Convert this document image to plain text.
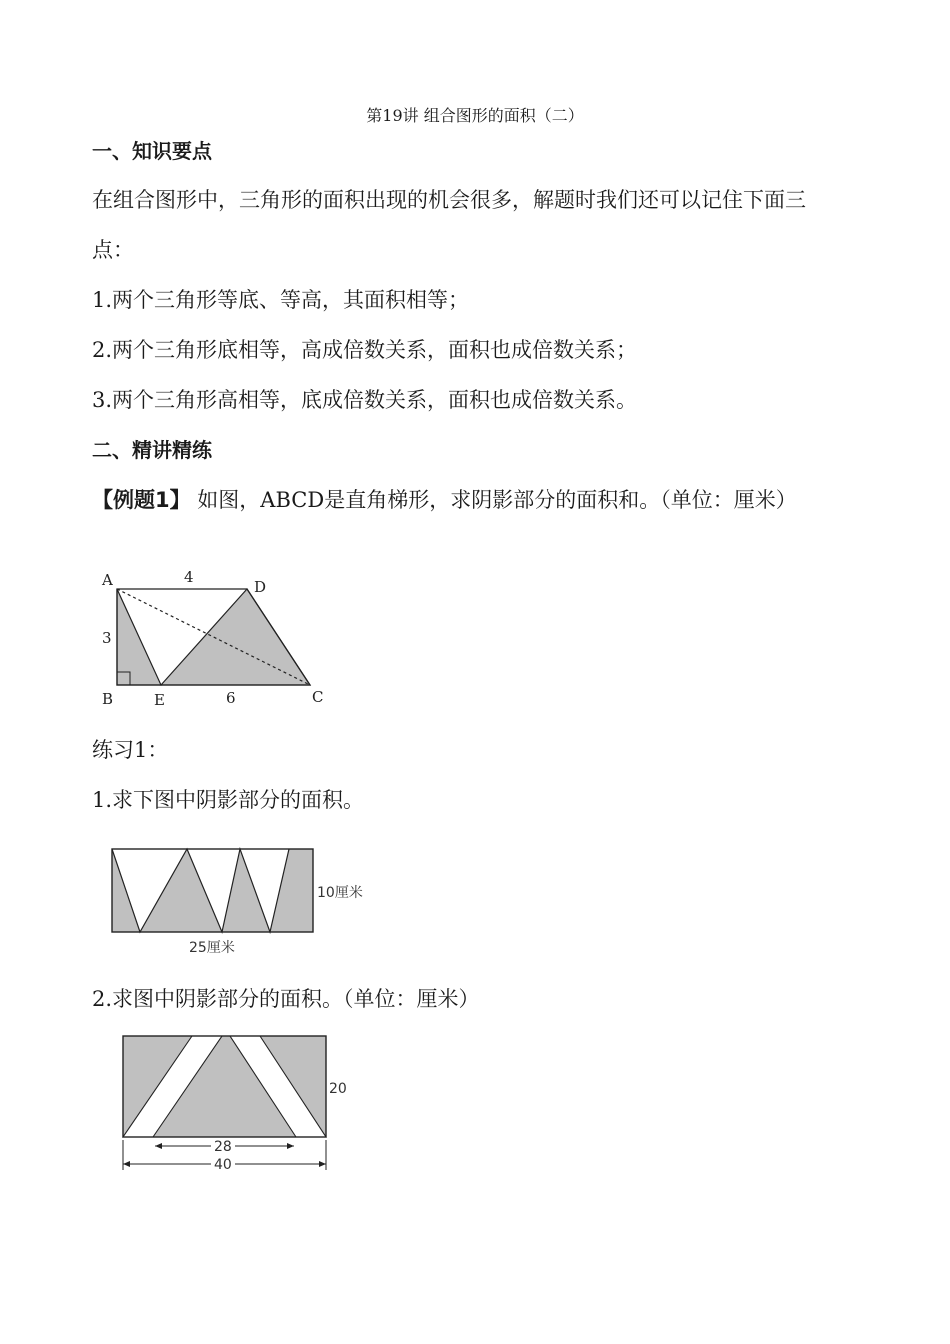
第19讲 组合图形的面积（二）
一、知识要点
在组合图形中，三角形的面积出现的机会很多，解题时我们还可以记住下面三
点：
1.两个三角形等底、等高，其面积相等；
2.两个三角形底相等，高成倍数关系，面积也成倍数关系；
3.两个三角形高相等，底成倍数关系，面积也成倍数关系。
二、精讲精练
【例题1】 如图，ABCD是直角梯形，求阴影部分的面积和。（单位：厘米）
A	D
B	E	C
4
3
6
练习1：
1.求下图中阴影部分的面积。
10厘米
25厘米
2.求图中阴影部分的面积。（单位：厘米）
28
40
20
